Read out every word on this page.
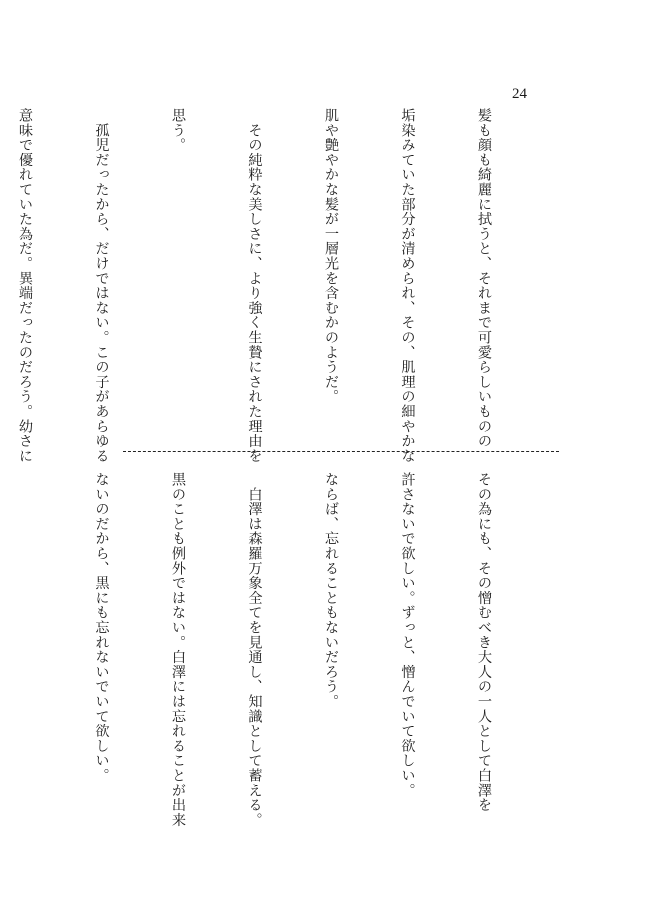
24

髪も顔も綺麗に拭うと、それまで可愛らしいものの

垢染みていた部分が清められ、その、肌理の細やかな

肌や艶やかな髪が一層光を含むかのようだ。

　その純粋な美しさに、より強く生贄にされた理由を

思う。

　孤児だったから、だけではない。この子があらゆる

意味で優れていた為だ。異端だったのだろう。幼さに

その為にも、その憎むべき大人の一人として白澤を

許さないで欲しい。ずっと、憎んでいて欲しい。

ならば、忘れることもないだろう。

　白澤は森羅万象全てを見通し、知識として蓄える。

黒のことも例外ではない。白澤には忘れることが出来

ないのだから、黒にも忘れないでいて欲しい。
